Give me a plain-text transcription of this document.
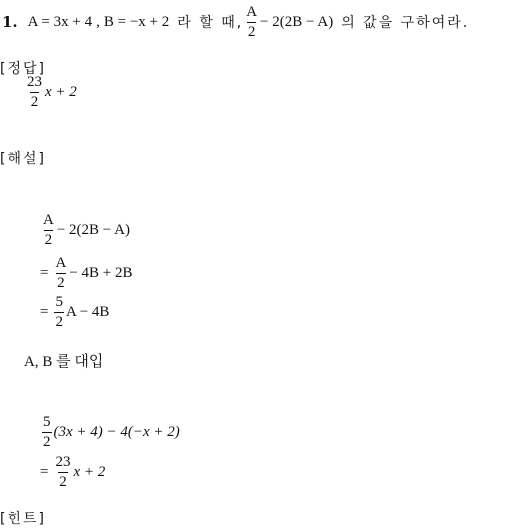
1. A = 3x + 4 , B = −x + 2 라 할 때, $\frac{A}{2} - 2(2B - A)$ 의 값을 구하여라.
[정답]
$\frac{23}{2}$ x + 2
[해설]
$\frac{A}{2} - 2(2B - A)$
= $\frac{A}{2} - 4B + 2B$
= $\frac{5}{2}$ A − 4B
A, B 를 대입
$\frac{5}{2} (3x + 4) - 4(-x + 2)$
= $\frac{23}{2}$ x + 2
[힌트]
